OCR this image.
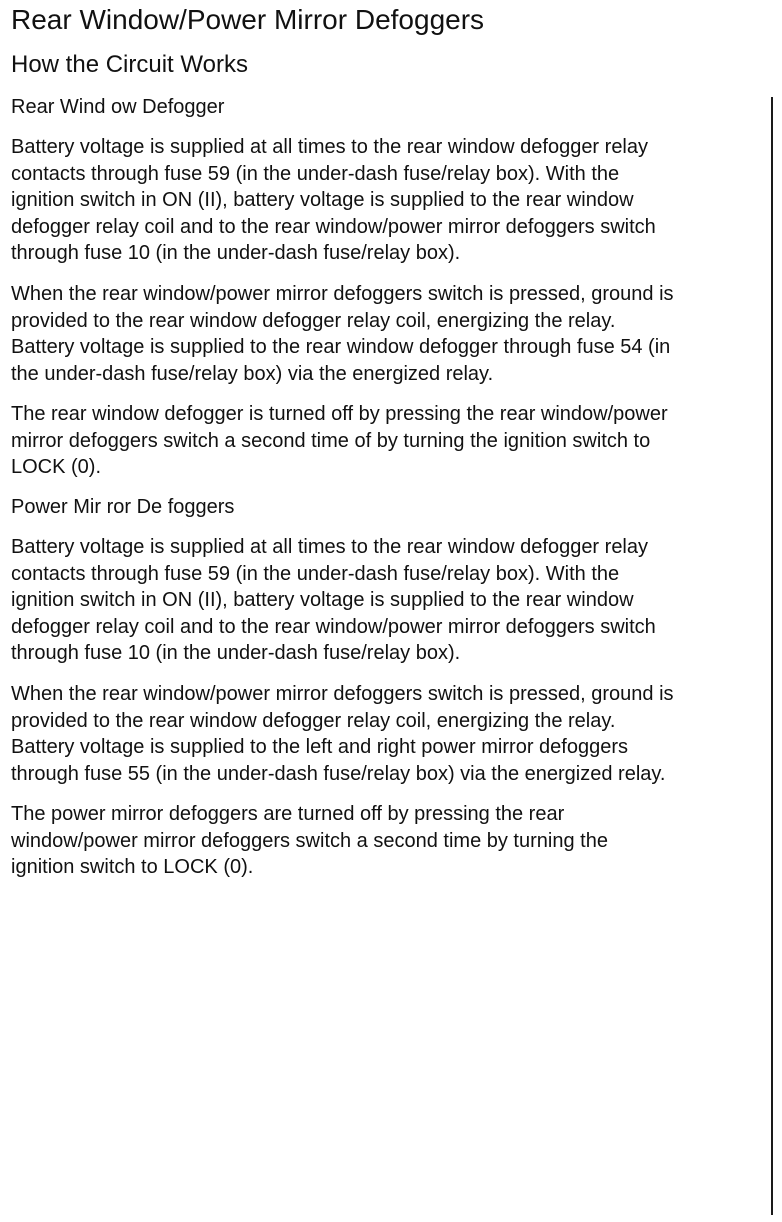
Rear Window/Power Mirror Defoggers
How the Circuit Works
Rear Wind ow Defogger
Battery voltage is supplied at all times to the rear window defogger relay
contacts through fuse 59 (in the under-dash fuse/relay box). With the
ignition switch in ON (II), battery voltage is supplied to the rear window
defogger relay coil and to the rear window/power mirror defoggers switch
through fuse 10 (in the under-dash fuse/relay box).
When the rear window/power mirror defoggers switch is pressed, ground is
provided to the rear window defogger relay coil, energizing the relay.
Battery voltage is supplied to the rear window defogger through fuse 54 (in
the under-dash fuse/relay box) via the energized relay.
The rear window defogger is turned off by pressing the rear window/power
mirror defoggers switch a second time of by turning the ignition switch to
LOCK (0).
Power Mir ror De foggers
Battery voltage is supplied at all times to the rear window defogger relay
contacts through fuse 59 (in the under-dash fuse/relay box). With the
ignition switch in ON (II), battery voltage is supplied to the rear window
defogger relay coil and to the rear window/power mirror defoggers switch
through fuse 10 (in the under-dash fuse/relay box).
When the rear window/power mirror defoggers switch is pressed, ground is
provided to the rear window defogger relay coil, energizing the relay.
Battery voltage is supplied to the left and right power mirror defoggers
through fuse 55 (in the under-dash fuse/relay box) via the energized relay.
The power mirror defoggers are turned off by pressing the rear
window/power mirror defoggers switch a second time by turning the
ignition switch to LOCK (0).
